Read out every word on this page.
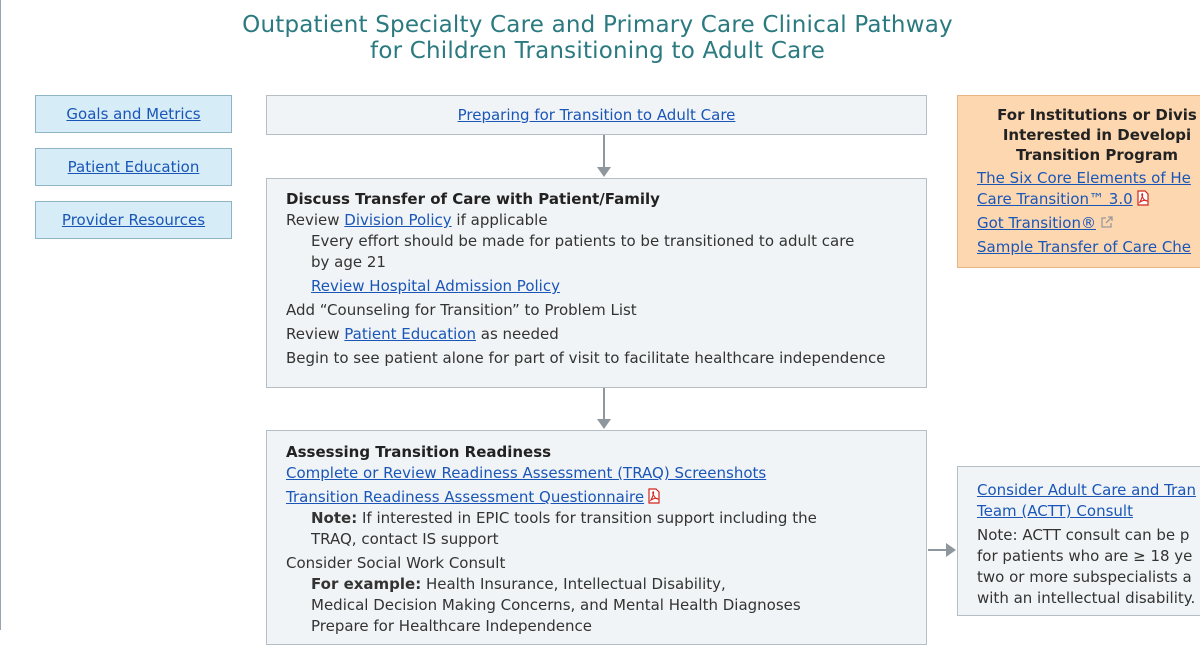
Outpatient Specialty Care and Primary Care Clinical Pathway
for Children Transitioning to Adult Care
Goals and Metrics
Patient Education
Provider Resources
Preparing for Transition to Adult Care
Discuss Transfer of Care with Patient/Family
Review Division Policy if applicable
Every effort should be made for patients to be transitioned to adult care
by age 21
Review Hospital Admission Policy
Add “Counseling for Transition” to Problem List
Review Patient Education as needed
Begin to see patient alone for part of visit to facilitate healthcare independence
Assessing Transition Readiness
Complete or Review Readiness Assessment (TRAQ) Screenshots
Transition Readiness Assessment Questionnaire
Note: If interested in EPIC tools for transition support including the
TRAQ, contact IS support
Consider Social Work Consult
For example: Health Insurance, Intellectual Disability,
Medical Decision Making Concerns, and Mental Health Diagnoses
Prepare for Healthcare Independence
For Institutions or Divis
Interested in Developi
Transition Program
The Six Core Elements of He
Care Transition™ 3.0
Got Transition®
Sample Transfer of Care Che
Consider Adult Care and Tran
Team (ACTT) Consult
Note: ACTT consult can be p
for patients who are ≥ 18 ye
two or more subspecialists a
with an intellectual disability.
